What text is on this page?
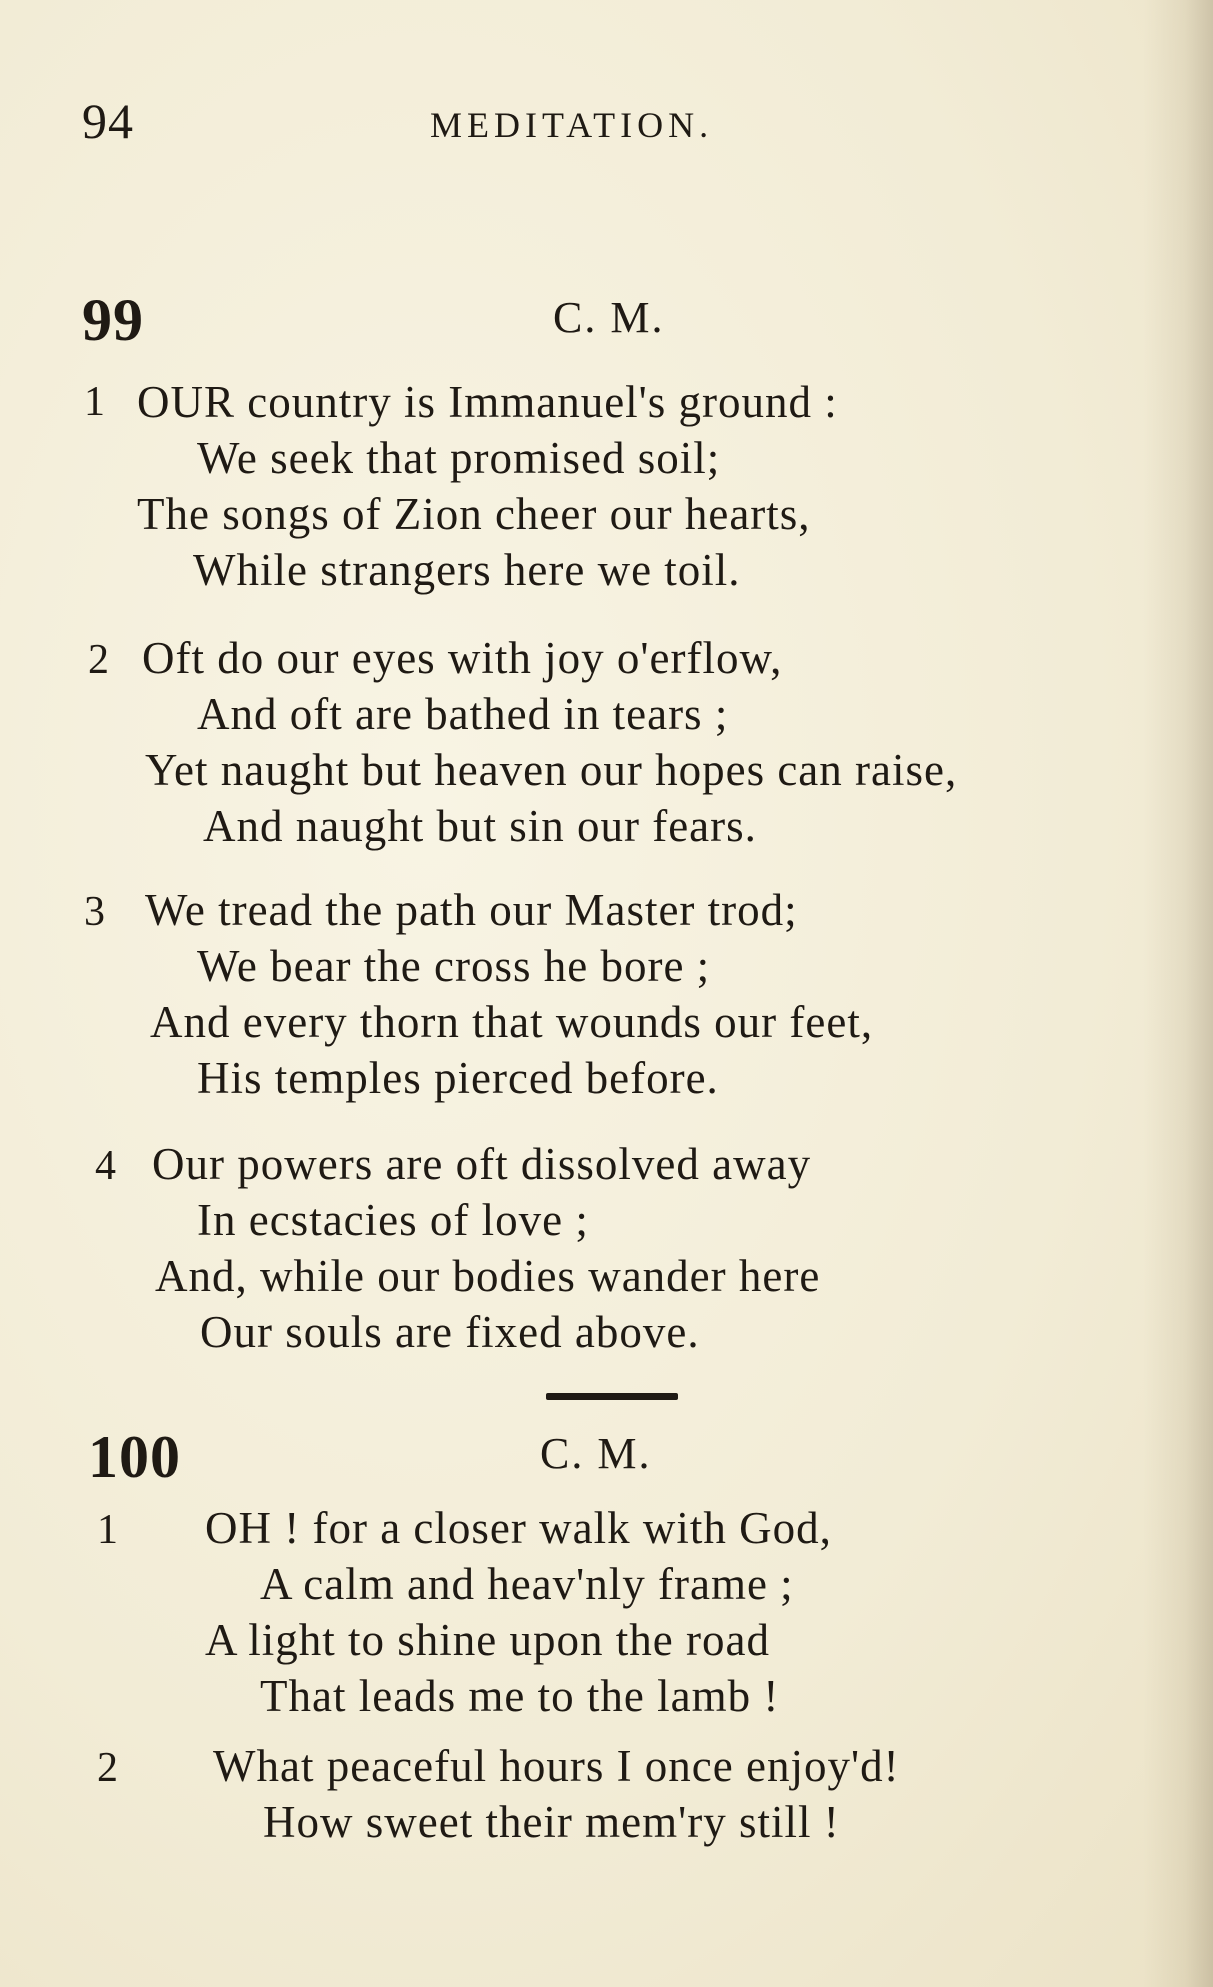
94	MEDITATION.
99	C. M.
1 OUR country is Immanuel's ground :
We seek that promised soil;
The songs of Zion cheer our hearts,
While strangers here we toil.
2 Oft do our eyes with joy o'erflow,
And oft are bathed in tears ;
Yet naught but heaven our hopes can raise,
And naught but sin our fears.
3 We tread the path our Master trod;
We bear the cross he bore ;
And every thorn that wounds our feet,
His temples pierced before.
4 Our powers are oft dissolved away
In ecstacies of love ;
And, while our bodies wander here
Our souls are fixed above.
100	C. M.
1 OH ! for a closer walk with God,
A calm and heav'nly frame ;
A light to shine upon the road
That leads me to the lamb !
2 What peaceful hours I once enjoy'd!
How sweet their mem'ry still !
